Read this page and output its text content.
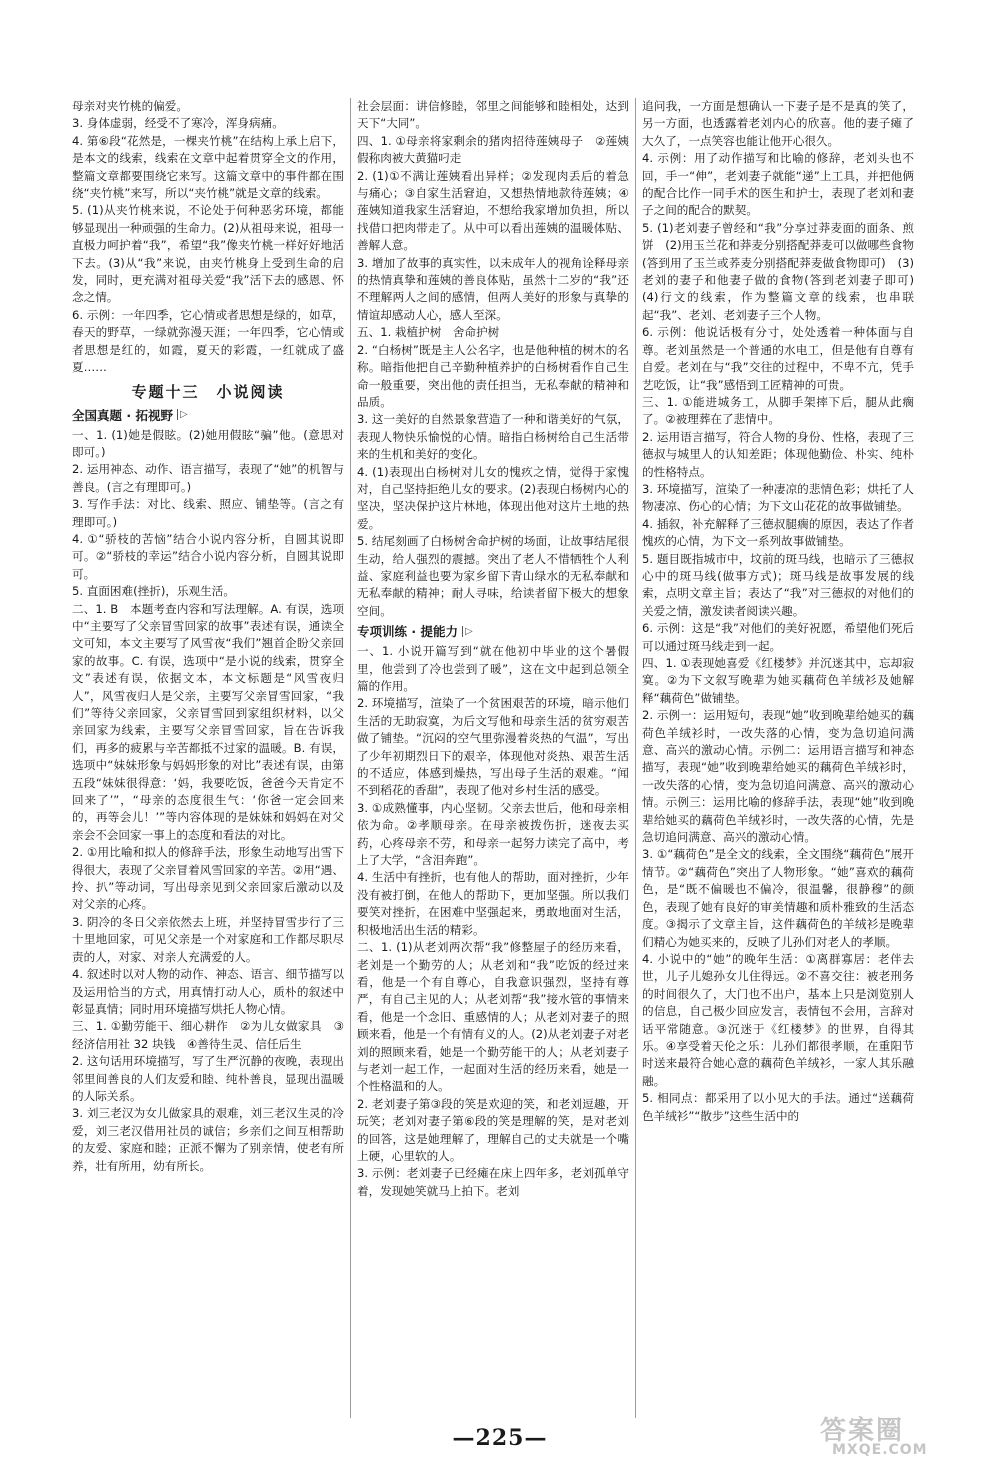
母亲对夹竹桃的偏爱。

3. 身体虚弱，经受不了寒冷，浑身病痛。

4. 第⑥段“花然是，一棵夹竹桃”在结构上承上启下，是本文的线索，线索在文章中起着贯穿全文的作用，整篇文章都要围绕它来写。这篇文章中的事件都在围绕“夹竹桃”来写，所以“夹竹桃”就是文章的线索。

5. (1)从夹竹桃来说，不论处于何种恶劣环境，都能够显现出一种顽强的生命力。(2)从祖母来说，祖母一直极力呵护着“我”，希望“我”像夹竹桃一样好好地活下去。(3)从“我”来说，由夹竹桃身上受到生命的启发，同时，更充满对祖母关爱“我”活下去的感恩、怀念之情。

6. 示例：一年四季，它心情或者思想是绿的，如草，春天的野草，一绿就弥漫天涯；一年四季，它心情或者思想是红的，如霞，夏天的彩霞，一红就成了盛夏……

专题十三　小说阅读
全国真题 · 拓视野 ▷

一、1. (1)她是假眩。(2)她用假眩“骗”他。(意思对即可。)

2. 运用神态、动作、语言描写，表现了“她”的机智与善良。(言之有理即可。)

3. 写作手法：对比、线索、照应、铺垫等。(言之有理即可。)

4. ①“骄枝的苦恼”结合小说内容分析，自圆其说即可。②“骄枝的幸运”结合小说内容分析，自圆其说即可。

5. 直面困难(挫折)，乐观生活。

二、1. B　本题考查内容和写法理解。A. 有误，选项中“主要写了父亲冒雪回家的故事”表述有误，通读全文可知，本文主要写了风雪夜“我们”翘首企盼父亲回家的故事。C. 有误，选项中“是小说的线索，贯穿全文”表述有误，依据文本，本文标题是“风雪夜归人”，风雪夜归人是父亲，主要写父亲冒雪回家，“我们”等待父亲回家，父亲冒雪回到家组织材料，以父亲回家为线索，主要写父亲冒雪回家，旨在告诉我们，再多的疲累与辛苦都抵不过家的温暖。B. 有误，选项中“妹妹形象与妈妈形象的对比”表述有误，由第五段“妹妹很得意：‘妈，我要吃饭，爸爸今天肯定不回来了’”，“母亲的态度很生气：‘你爸一定会回来的，再等会儿！’”等内容体现的是妹妹和妈妈在对父亲会不会回家一事上的态度和看法的对比。

2. ①用比喻和拟人的修辞手法，形象生动地写出雪下得很大，表现了父亲冒着风雪回家的辛苦。②用“遇、拎、扒”等动词，写出母亲见到父亲回家后激动以及对父亲的心疼。

3. 阴冷的冬日父亲依然去上班，并坚持冒雪步行了三十里地回家，可见父亲是一个对家庭和工作都尽职尽责的人，对家、对亲人充满爱的人。

4. 叙述时以对人物的动作、神态、语言、细节描写以及运用恰当的方式，用真情打动人心，质朴的叙述中彰显真情；同时用环境描写烘托人物心情。

三、1. ①勤劳能干、细心耕作　②为儿女做家具　③经济信用社 32 块钱　④善待生灵、信任后生

2. 这句话用环境描写，写了生严沉静的夜晚，表现出邻里间善良的人们友爱和睦、纯朴善良，显现出温暖的人际关系。

3. 刘三老汉为女儿做家具的艰难，刘三老汉生灵的冷爱，刘三老汉借用社员的诚信；乡亲们之间互相帮助的友爱、家庭和睦；正派不懈为了别亲情，使老有所养，壮有所用，幼有所长。

社会层面：讲信修睦，邻里之间能够和睦相处，达到天下“大同”。

四、1. ①母亲将家剩余的猪肉招待莲姨母子　②莲姨假称肉被大黄猫叼走

2. (1)①不满让莲姨看出异样；②发现肉丢后的着急与痛心；③自家生活窘迫，又想热情地款待莲姨；④莲姨知道我家生活窘迫，不想给我家增加负担，所以找借口把肉带走了。从中可以看出莲姨的温暖体贴、善解人意。

3. 增加了故事的真实性，以未成年人的视角诠释母亲的热情真挚和莲姨的善良体贴，虽然十二岁的“我”还不理解两人之间的感情，但两人美好的形象与真挚的情谊却感动人心，感人至深。

五、1. 栽植护树　舍命护树

2. “白杨树”既是主人公名字，也是他种植的树木的名称。暗指他把自己辛勤种植养护的白杨树看作自己生命一般重要，突出他的责任担当，无私奉献的精神和品质。

3. 这一美好的自然景象营造了一种和谐美好的气氛，表现人物快乐愉悦的心情。暗指白杨树给自己生活带来的生机和美好的变化。

4. (1)表现出白杨树对儿女的愧疚之情，觉得于家愧对，自己坚持拒绝儿女的要求。(2)表现白杨树内心的坚决，坚决保护这片林地，体现出他对这片土地的热爱。

5. 结尾刻画了白杨树舍命护树的场面，让故事结尾很生动，给人强烈的震撼。突出了老人不惜牺牲个人利益、家庭利益也要为家乡留下青山绿水的无私奉献和无私奉献的精神；耐人寻味，给读者留下极大的想象空间。

专项训练 · 提能力 ▷

一、1. 小说开篇写到“就在他初中毕业的这个暑假里，他尝到了冷也尝到了暖”，这在文中起到总领全篇的作用。

2. 环境描写，渲染了一个贫困艰苦的环境，暗示他们生活的无助寂寞，为后文写他和母亲生活的贫穷艰苦做了铺垫。“沉闷的空气里弥漫着炎热的气温”，写出了少年初期烈日下的艰辛，体现他对炎热、艰苦生活的不适应，体感到燥热，写出母子生活的艰难。“闻不到稻花的香甜”，表现了他对乡村生活的感受。

3. ①成熟懂事，内心坚韧。父亲去世后，他和母亲相依为命。②孝顺母亲。在母亲被拨伤折，迷夜去买药，心疼母亲不劳，和母亲一起努力读完了高中，考上了大学，“含泪奔跑”。

4. 生活中有挫折，也有他人的帮助，面对挫折，少年没有被打倒，在他人的帮助下，更加坚强。所以我们要笑对挫折，在困难中坚强起来，勇敢地面对生活，积极地活出生活的精彩。

二、1. (1)从老刘两次帮“我”修整屋子的经历来看，老刘是一个勤劳的人；从老刘和“我”吃饭的经过来看，他是一个有自尊心，自我意识强烈，坚持有尊严，有自己主见的人；从老刘帮“我”接水管的事情来看，他是一个念旧、重感情的人；从老刘对妻子的照顾来看，他是一个有情有义的人。(2)从老刘妻子对老刘的照顾来看，她是一个勤劳能干的人；从老刘妻子与老刘一起工作，一起面对生活的经历来看，她是一个性格温和的人。

2. 老刘妻子第③段的笑是欢迎的笑，和老刘逗趣，开玩笑；老刘对妻子第⑥段的笑是理解的笑，是对老刘的回答，这是她理解了，理解自己的丈夫就是一个嘴上硬，心里软的人。

3. 示例：老刘妻子已经瘫在床上四年多，老刘孤单守着，发现她笑就马上拍下。老刘

追问我，一方面是想确认一下妻子是不是真的笑了，另一方面，也透露着老刘内心的欣喜。他的妻子瘫了大久了，一点笑容也能让他开心很久。

4. 示例：用了动作描写和比喻的修辞，老刘头也不回，手一“伸”，老刘妻子就能“递”上工具，并把他俩的配合比作一同手术的医生和护士，表现了老刘和妻子之间的配合的默契。

5. (1)老刘妻子曾经和“我”分享过莽麦面的面条、煎饼　(2)用玉兰花和莽麦分别搭配莽麦可以做哪些食物(答到用了玉兰或荞麦分别搭配莽麦做食物即可)　(3)老刘的妻子和他妻子做的食物(答到老刘妻子即可)　(4)行文的线索，作为整篇文章的线索，也串联起“我”、老刘、老刘妻子三个人物。

6. 示例：他说话极有分寸，处处透着一种体面与自尊。老刘虽然是一个普通的水电工，但是他有自尊有自爱。老刘在与“我”交往的过程中，不卑不亢，凭手艺吃饭，让“我”感悟到工匠精神的可贵。

三、1. ①能进城务工，从脚手架摔下后，腿从此瘸了。②被理葬在了悲情中。

2. 运用语言描写，符合人物的身份、性格，表现了三德叔与城里人的认知差距；体现他勤俭、朴实、纯朴的性格特点。

3. 环境描写，渲染了一种凄凉的悲情色彩；烘托了人物凄凉、伤心的心情；为下文山花花的故事做铺垫。

4. 插叙，补充解释了三德叔腿瘸的原因，表达了作者愧疚的心情，为下文一系列故事做铺垫。

5. 题目既指城市中，坟前的斑马线，也暗示了三德叔心中的斑马线(做事方式)；斑马线是故事发展的线索，点明文章主旨；表达了“我”对三德叔的对他们的关爱之情，激发读者阅读兴趣。

6. 示例：这是“我”对他们的美好祝愿，希望他们死后可以通过斑马线走到一起。

四、1. ①表现她喜爱《红楼梦》并沉迷其中，忘却寂寞。②为下文叙写晚辈为她买藕荷色羊绒衫及她解释“藕荷色”做铺垫。

2. 示例一：运用短句，表现“她”收到晚辈给她买的藕荷色羊绒衫时，一改失落的心情，变为急切追问满意、高兴的激动心情。示例二：运用语言描写和神态描写，表现“她”收到晚辈给她买的藕荷色羊绒衫时，一改失落的心情，变为急切追问满意、高兴的激动心情。示例三：运用比喻的修辞手法，表现“她”收到晚辈给她买的藕荷色羊绒衫时，一改失落的心情，先是急切追问满意、高兴的激动心情。

3. ①“藕荷色”是全文的线索，全文围绕“藕荷色”展开情节。②“藕荷色”突出了人物形象。“她”喜欢的藕荷色，是“既不偏暖也不偏冷，很温馨，很静穆”的颜色，表现了她有良好的审美情趣和质朴雅致的生活态度。③揭示了文章主旨，这件藕荷色的羊绒衫是晚辈们精心为她买来的，反映了儿孙们对老人的孝顺。

4. 小说中的“她”的晚年生活：①离群寡居：老伴去世，儿子儿媳孙女儿住得远。②不喜交往：被老刑务的时间很久了，大门也不出户，基本上只是浏览别人的信息，自己极少回应发言，表情包不会用，言辞对话平常随意。③沉迷于《红楼梦》的世界，自得其乐。④享受着天伦之乐：儿孙们都很孝顺，在重阳节时送来最符合她心意的藕荷色羊绒衫，一家人其乐融融。

5. 相同点：都采用了以小见大的手法。通过“送藕荷色羊绒衫”“散步”这些生活中的

—225—	答案圈
MXQE.COM
